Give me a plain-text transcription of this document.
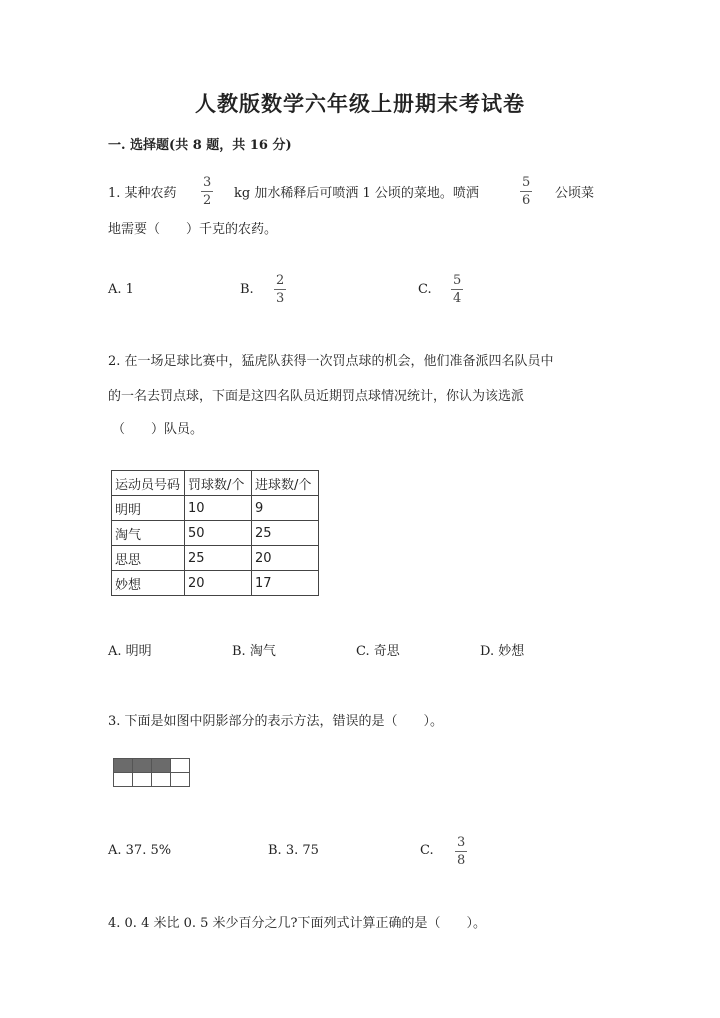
人教版数学六年级上册期末考试卷
一. 选择题(共 8 题，共 16 分)
1. 某种农药 $\frac{3}{2}$ kg 加水稀释后可喷洒 1 公顷的菜地。喷洒	$\frac{5}{6}$ 公顷菜
地需要（　　）千克的农药。
A. 1	B. $\frac{2}{3}$	C. $\frac{5}{4}$
2. 在一场足球比赛中，猛虎队获得一次罚点球的机会，他们准备派四名队员中
的一名去罚点球，下面是这四名队员近期罚点球情况统计，你认为该选派
（　　）队员。
运动员号码	罚球数/个	进球数/个
明明	10	9
淘气	50	25
思思	25	20
妙想	20	17
A. 明明	B. 淘气	C. 奇思	D. 妙想
3. 下面是如图中阴影部分的表示方法，错误的是（　　）。

A. 37. 5%	B. 3. 75	C. $\frac{3}{8}$
4. 0. 4 米比 0. 5 米少百分之几?下面列式计算正确的是（　　）。
